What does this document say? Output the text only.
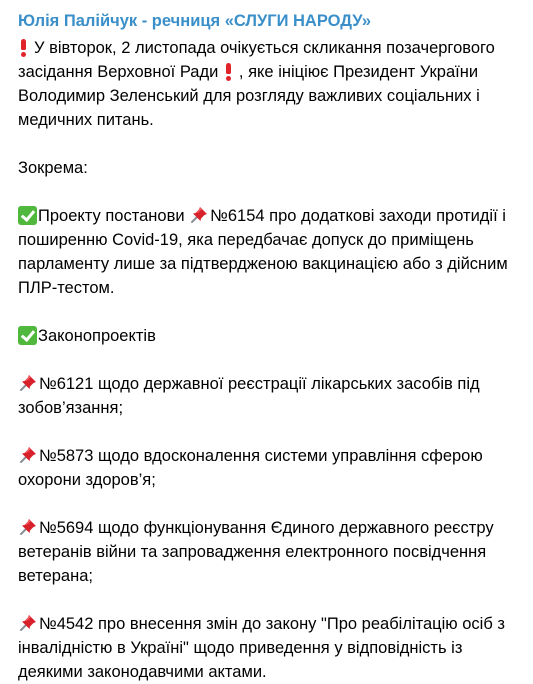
Юлія Палійчук - речниця «СЛУГИ НАРОДУ»

У вівторок, 2 листопада очікується скликання позачергового засідання Верховної Ради , яке ініціює Президент України Володимир Зеленський для розгляду важливих соціальних і медичних питань.

Зокрема:

Проекту постанови №6154 про додаткові заходи протидії і поширенню Covid-19, яка передбачає допуск до приміщень парламенту лише за підтвердженою вакцинацією або з дійсним ПЛР-тестом.

Законопроектів

№6121 щодо державної реєстрації лікарських засобів під зобов’язання;

№5873 щодо вдосконалення системи управління сферою охорони здоров’я;

№5694 щодо функціонування Єдиного державного реєстру ветеранів війни та запровадження електронного посвідчення ветерана;

№4542 про внесення змін до закону "Про реабілітацію осіб з інвалідністю в Україні" щодо приведення у відповідність із деякими законодавчими актами.
